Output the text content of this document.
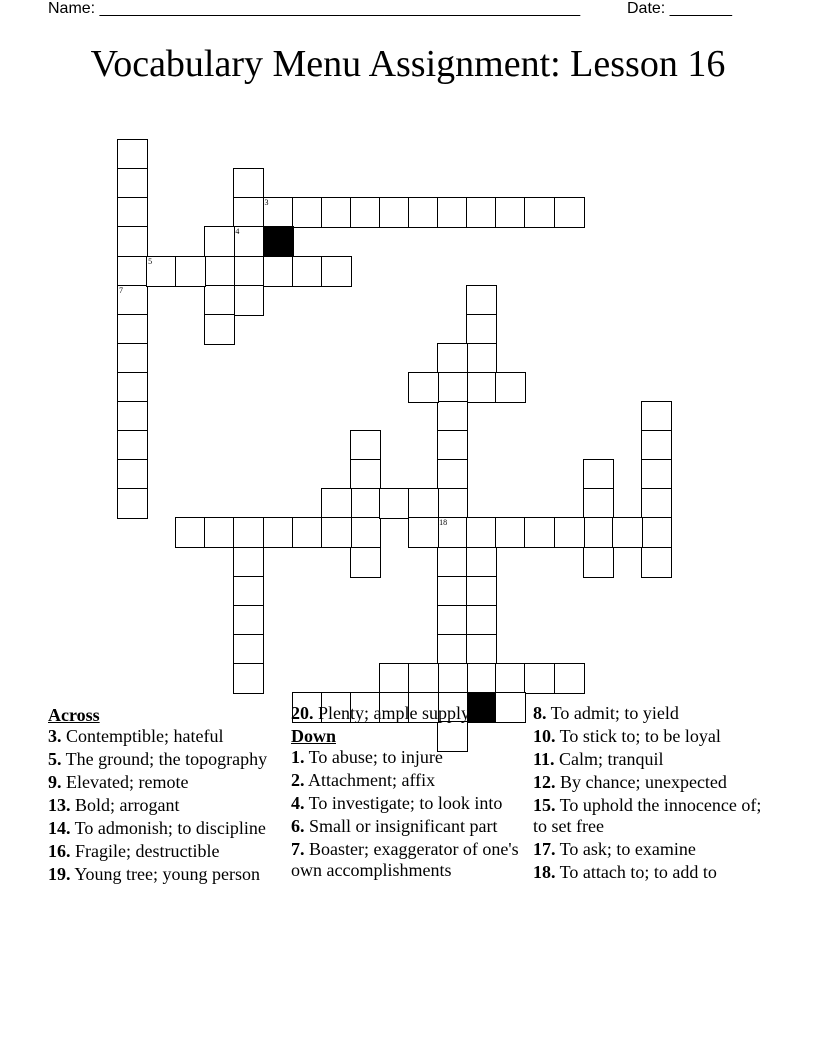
Name: ______________________________________________________	Date: _______
Vocabulary Menu Assignment: Lesson 16
7
4
3
5
18
Across
3. Contemptible; hateful
5. The ground; the topography
9. Elevated; remote
13. Bold; arrogant
14. To admonish; to discipline
16. Fragile; destructible
19. Young tree; young person
20. Plenty; ample supply
Down
1. To abuse; to injure
2. Attachment; affix
4. To investigate; to look into
6. Small or insignificant part
7. Boaster; exaggerator of one's own accomplishments
8. To admit; to yield
10. To stick to; to be loyal
11. Calm; tranquil
12. By chance; unexpected
15. To uphold the innocence of; to set free
17. To ask; to examine
18. To attach to; to add to
